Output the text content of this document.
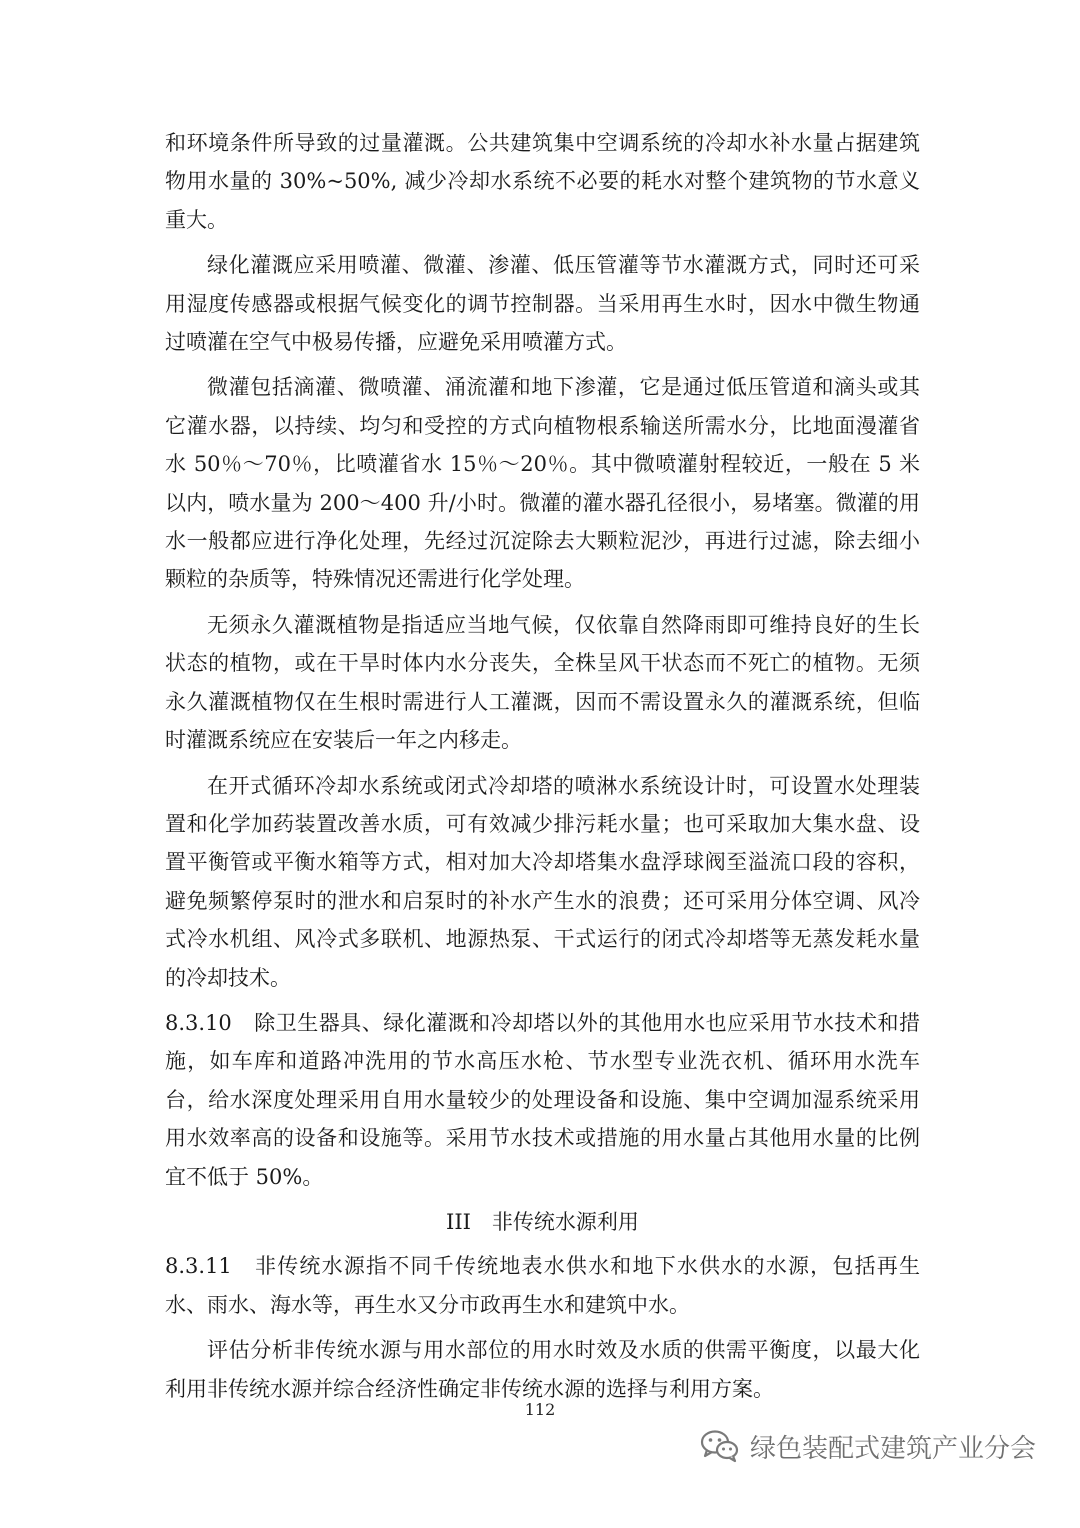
和环境条件所导致的过量灌溉。公共建筑集中空调系统的冷却水补水量占据建筑物用水量的 30%~50%, 减少冷却水系统不必要的耗水对整个建筑物的节水意义重大。

绿化灌溉应采用喷灌、微灌、渗灌、低压管灌等节水灌溉方式，同时还可采用湿度传感器或根据气候变化的调节控制器。当采用再生水时，因水中微生物通过喷灌在空气中极易传播，应避免采用喷灌方式。

微灌包括滴灌、微喷灌、涌流灌和地下渗灌，它是通过低压管道和滴头或其它灌水器，以持续、均匀和受控的方式向植物根系输送所需水分，比地面漫灌省水 50％～70％，比喷灌省水 15％～20％。其中微喷灌射程较近，一般在 5 米以内，喷水量为 200～400 升/小时。微灌的灌水器孔径很小，易堵塞。微灌的用水一般都应进行净化处理，先经过沉淀除去大颗粒泥沙，再进行过滤，除去细小颗粒的杂质等，特殊情况还需进行化学处理。

无须永久灌溉植物是指适应当地气候，仅依靠自然降雨即可维持良好的生长状态的植物，或在干旱时体内水分丧失，全株呈风干状态而不死亡的植物。无须永久灌溉植物仅在生根时需进行人工灌溉，因而不需设置永久的灌溉系统，但临时灌溉系统应在安装后一年之内移走。

在开式循环冷却水系统或闭式冷却塔的喷淋水系统设计时，可设置水处理装置和化学加药装置改善水质，可有效减少排污耗水量；也可采取加大集水盘、设置平衡管或平衡水箱等方式，相对加大冷却塔集水盘浮球阀至溢流口段的容积，避免频繁停泵时的泄水和启泵时的补水产生水的浪费；还可采用分体空调、风冷式冷水机组、风冷式多联机、地源热泵、干式运行的闭式冷却塔等无蒸发耗水量的冷却技术。

8.3.10 除卫生器具、绿化灌溉和冷却塔以外的其他用水也应采用节水技术和措施，如车库和道路冲洗用的节水高压水枪、节水型专业洗衣机、循环用水洗车台，给水深度处理采用自用水量较少的处理设备和设施、集中空调加湿系统采用用水效率高的设备和设施等。采用节水技术或措施的用水量占其他用水量的比例宜不低于 50%。

III　非传统水源利用

8.3.11 非传统水源指不同千传统地表水供水和地下水供水的水源，包括再生水、雨水、海水等，再生水又分市政再生水和建筑中水。

评估分析非传统水源与用水部位的用水时效及水质的供需平衡度，以最大化利用非传统水源并综合经济性确定非传统水源的选择与利用方案。

112
绿色装配式建筑产业分会
